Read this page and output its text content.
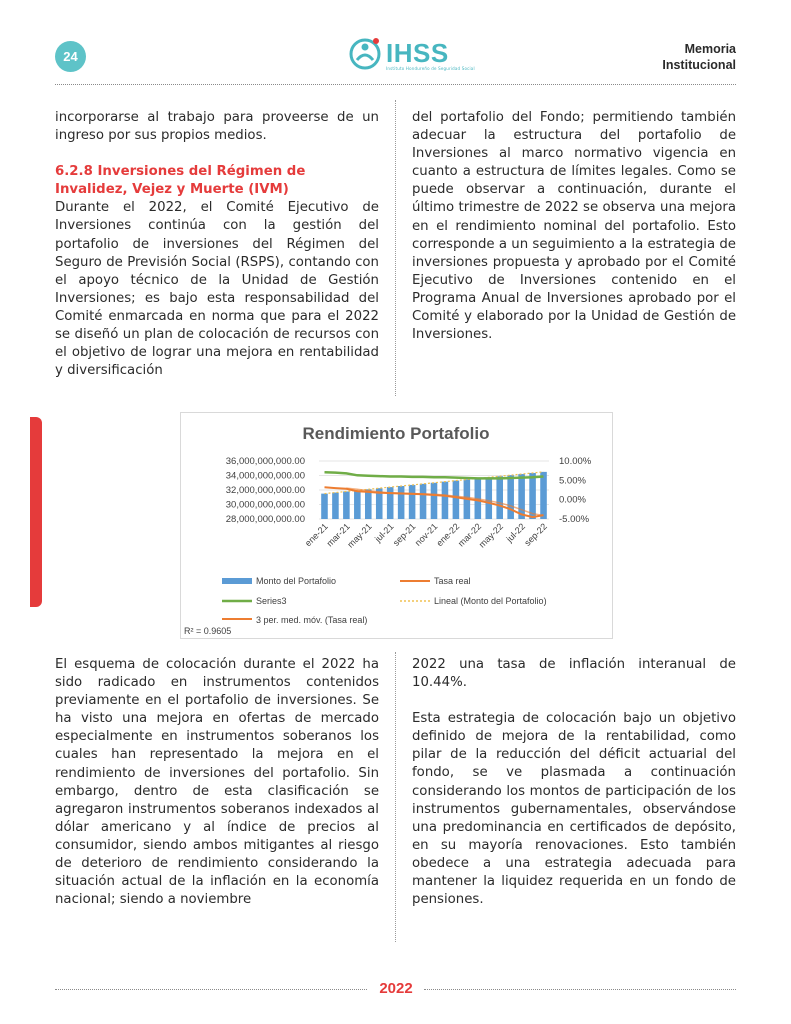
24	IHSS
Instituto Hondureño de Seguridad Social
Memoria
Institucional

incorporarse al trabajo para proveerse de un ingreso por sus propios medios.

6.2.8 Inversiones del Régimen de Invalidez, Vejez y Muerte (IVM)

Durante el 2022, el Comité Ejecutivo de Inversiones continúa con la gestión del portafolio de inversiones del Régimen del Seguro de Previsión Social (RSPS), contando con el apoyo técnico de la Unidad de Gestión Inversiones; es bajo esta responsabilidad del Comité enmarcada en norma que para el 2022 se diseñó un plan de colocación de recursos con el objetivo de lograr una mejora en rentabilidad y diversificación

del portafolio del Fondo; permitiendo también adecuar la estructura del portafolio de Inversiones al marco normativo vigencia en cuanto a estructura de límites legales. Como se puede observar a continuación, durante el último trimestre de 2022 se observa una mejora en el rendimiento nominal del portafolio. Esto corresponde a un seguimiento a la estrategia de inversiones propuesta y aprobado por el Comité Ejecutivo de Inversiones contenido en el Programa Anual de Inversiones aprobado por el Comité y elaborado por la Unidad de Gestión de Inversiones.

Rendimiento Portafolio
36,000,000,000.00
34,000,000,000.00
32,000,000,000.00
30,000,000,000.00
28,000,000,000.00
10.00%
5.00%
0.00%
-5.00%
ene-21
mar-21
may-21 jul-21
sep-21
nov-21
ene-22
mar-22
may-22 jul-22
sep-22
Monto del Portafolio	Tasa real
Series3	Lineal (Monto del Portafolio)
3 per. med. móv. (Tasa real)
R² = 0.9605

El esquema de colocación durante el 2022 ha sido radicado en instrumentos contenidos previamente en el portafolio de inversiones. Se ha visto una mejora en ofertas de mercado especialmente en instrumentos soberanos los cuales han representado la mejora en el rendimiento de inversiones del portafolio. Sin embargo, dentro de esta clasificación se agregaron instrumentos soberanos indexados al dólar americano y al índice de precios al consumidor, siendo ambos mitigantes al riesgo de deterioro de rendimiento considerando la situación actual de la inflación en la economía nacional; siendo a noviembre

2022 una tasa de inflación interanual de 10.44%.

Esta estrategia de colocación bajo un objetivo definido de mejora de la rentabilidad, como pilar de la reducción del déficit actuarial del fondo, se ve plasmada a continuación considerando los montos de participación de los instrumentos gubernamentales, observándose una predominancia en certificados de depósito, en su mayoría renovaciones. Esto también obedece a una estrategia adecuada para mantener la liquidez requerida en un fondo de pensiones.

2022
